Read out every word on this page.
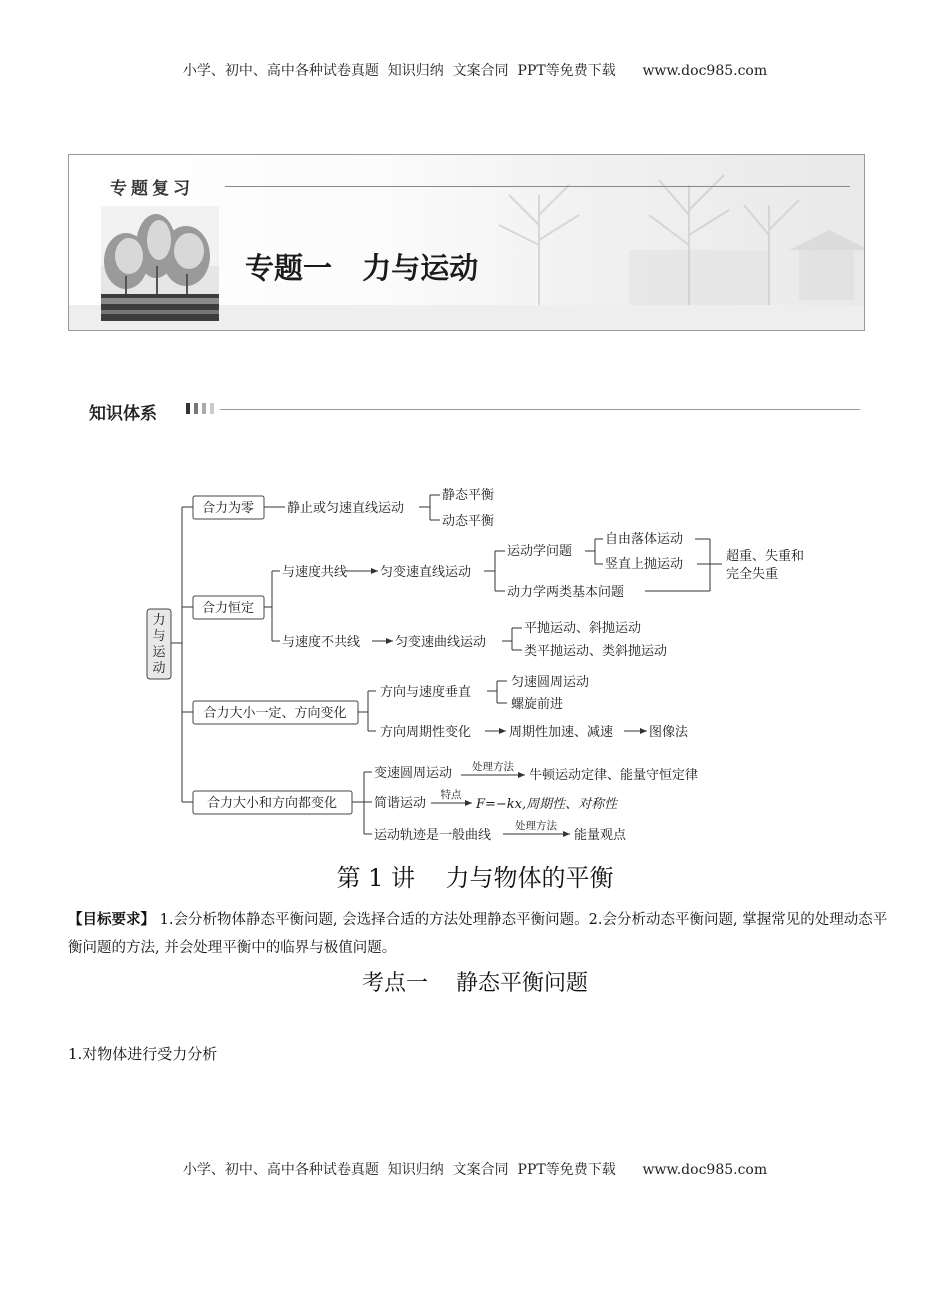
小学、初中、高中各种试卷真题  知识归纳  文案合同  PPT等免费下载      www.doc985.com
小学、初中、高中各种试卷真题  知识归纳  文案合同  PPT等免费下载      www.doc985.com
专题复习
专题一   力与运动
知识体系
力
与
运
动
合力为零	静止或匀速直线运动
静态平衡
动态平衡
合力恒定
与速度共线	匀变速直线运动
运动学问题
自由落体运动
竖直上抛运动
超重、失重和
完全失重
动力学两类基本问题
与速度不共线	匀变速曲线运动
平抛运动、斜抛运动
类平抛运动、类斜抛运动
合力大小一定、方向变化
方向与速度垂直
匀速圆周运动
螺旋前进
方向周期性变化	周期性加速、减速	图像法
合力大小和方向都变化
变速圆周运动 处理方法
牛顿运动定律、能量守恒定律
简谐运动
特点
F=−kx,周期性、对称性
运动轨迹是一般曲线
处理方法
能量观点
第 1 讲    力与物体的平衡
【目标要求】 1.会分析物体静态平衡问题, 会选择合适的方法处理静态平衡问题。2.会分析动态平衡问题, 掌握常见的处理动态平衡问题的方法, 并会处理平衡中的临界与极值问题。
考点一    静态平衡问题
1.对物体进行受力分析
